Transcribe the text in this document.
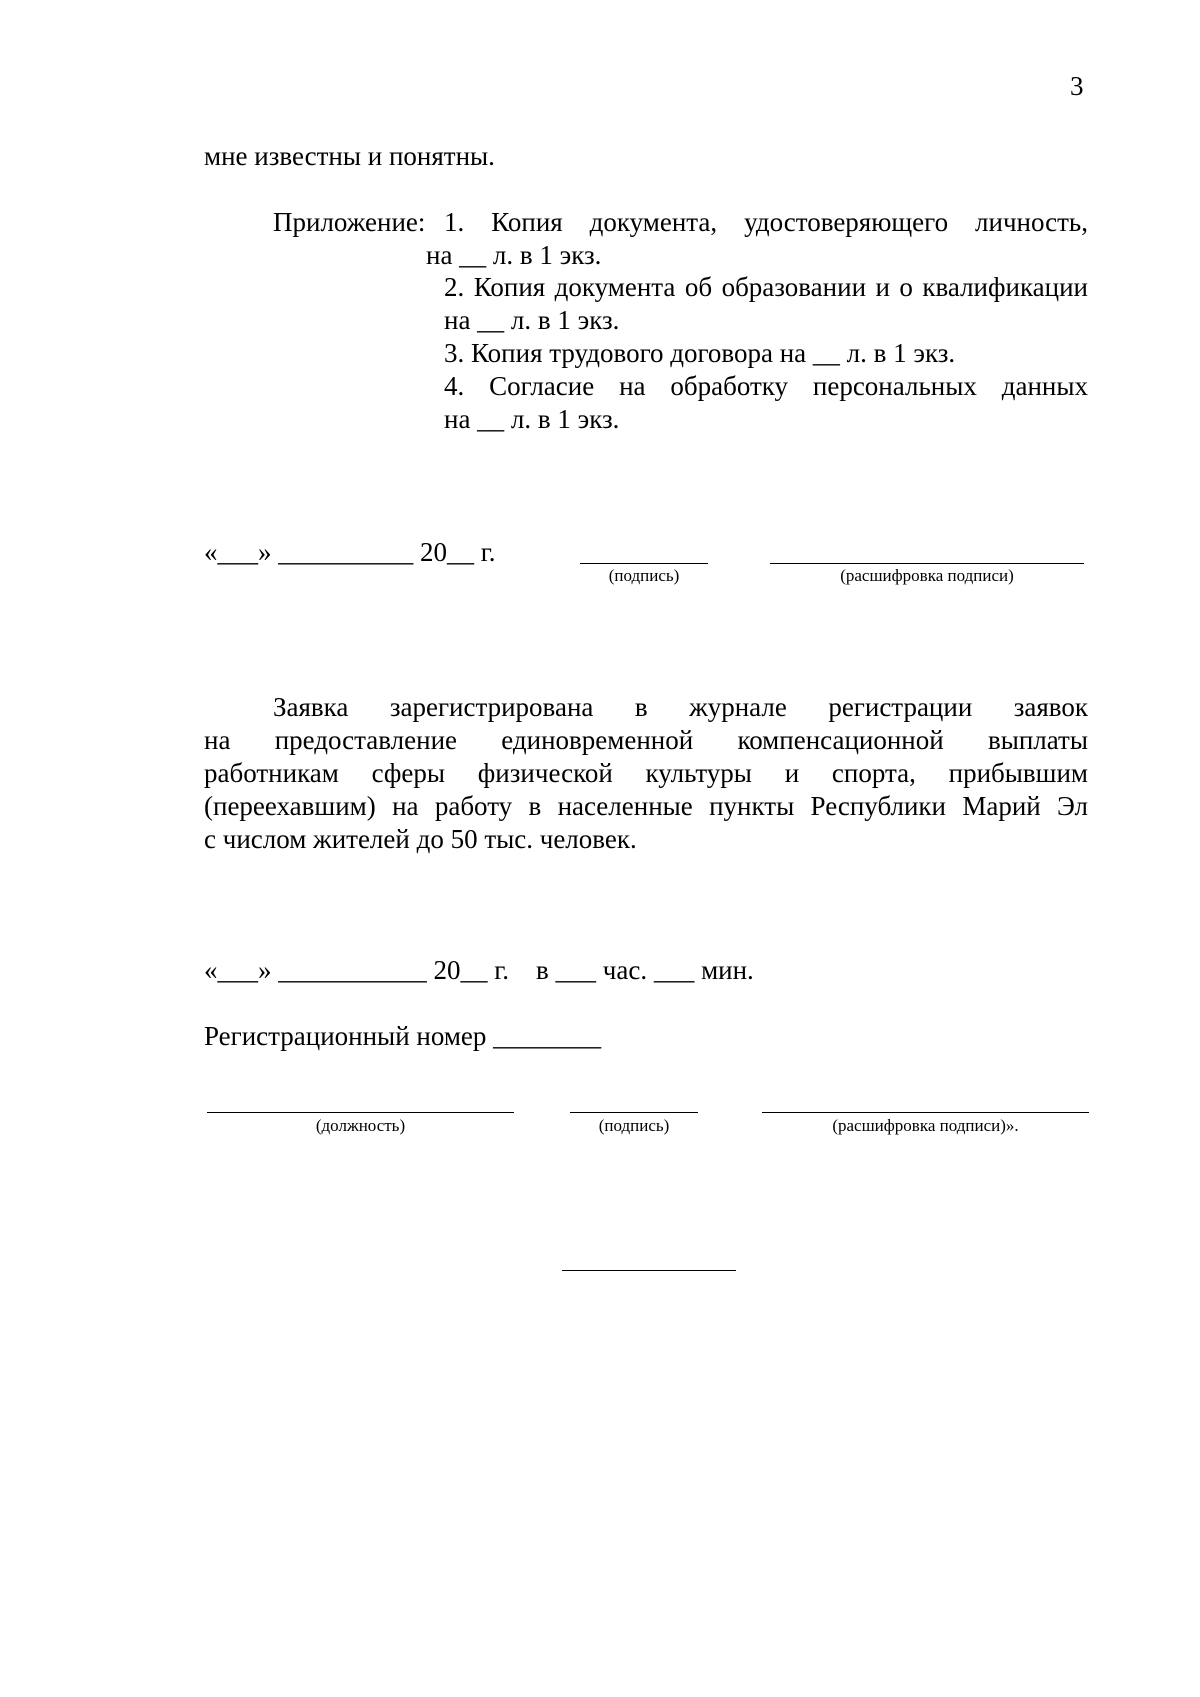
3
мне известны и понятны.
Приложение: 1. Копия документа, удостоверяющего личность,
на __ л. в 1 экз.
2. Копия документа об образовании и о квалификации
на __ л. в 1 экз.
3. Копия трудового договора на __ л. в 1 экз.
4. Согласие на обработку персональных данных
на __ л. в 1 экз.
«___» __________ 20__ г.
(подпись)	(расшифровка подписи)
Заявка зарегистрирована в журнале регистрации заявок
на предоставление единовременной компенсационной выплаты
работникам сферы физической культуры и спорта, прибывшим
(переехавшим) на работу в населенные пункты Республики Марий Эл
с числом жителей до 50 тыс. человек.
«___» ___________ 20__ г.    в ___ час. ___ мин.
Регистрационный номер ________
(должность)	(подпись)	(расшифровка подписи)».
